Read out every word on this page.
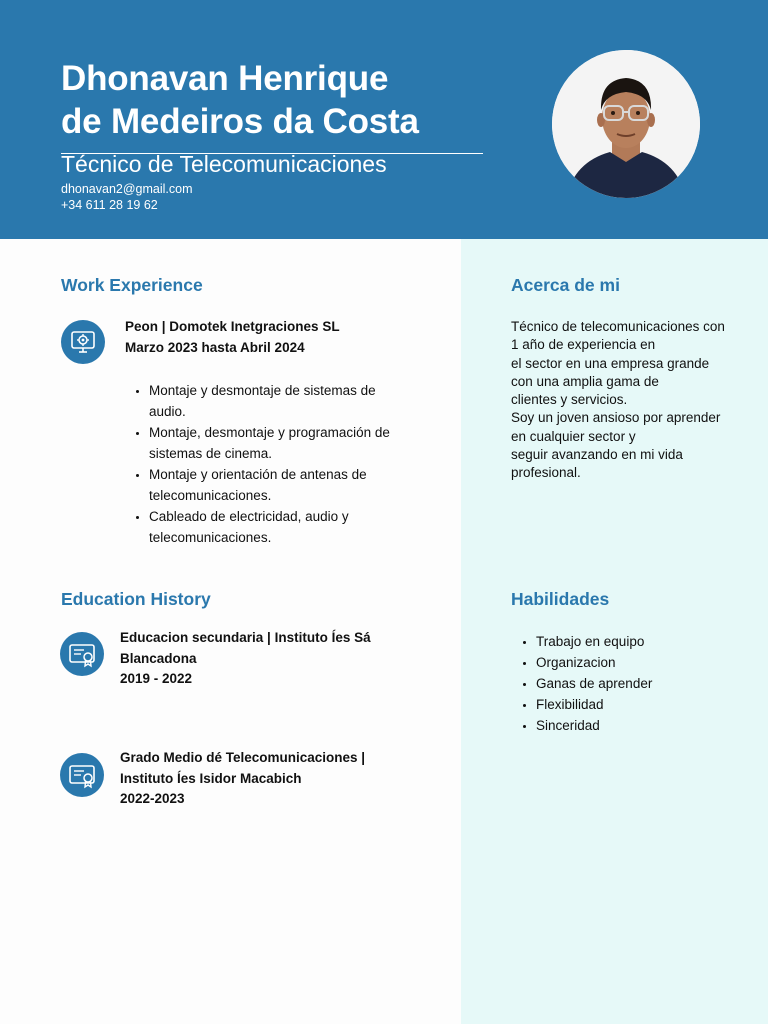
Dhonavan Henrique
de Medeiros da Costa
Técnico de Telecomunicaciones
dhonavan2@gmail.com
+34 611 28 19 62
Work Experience
Peon | Domotek Inetgraciones SL
Marzo 2023 hasta Abril 2024
Montaje y desmontaje de sistemas de
audio.
Montaje, desmontaje y programación de
sistemas de cinema.
Montaje y orientación de antenas de
telecomunicaciones.
Cableado de electricidad, audio y
telecomunicaciones.
Education History
Educacion secundaria | Instituto Íes Sá
Blancadona
2019 - 2022
Grado Medio dé Telecomunicaciones |
Instituto Íes Isidor Macabich
2022-2023
Acerca de mi

Técnico de telecomunicaciones con
1 año de experiencia en
el sector en una empresa grande
con una amplia gama de
clientes y servicios.
Soy un joven ansioso por aprender
en cualquier sector y
seguir avanzando en mi vida
profesional.

Habilidades
Trabajo en equipo
Organizacion
Ganas de aprender
Flexibilidad
Sinceridad
